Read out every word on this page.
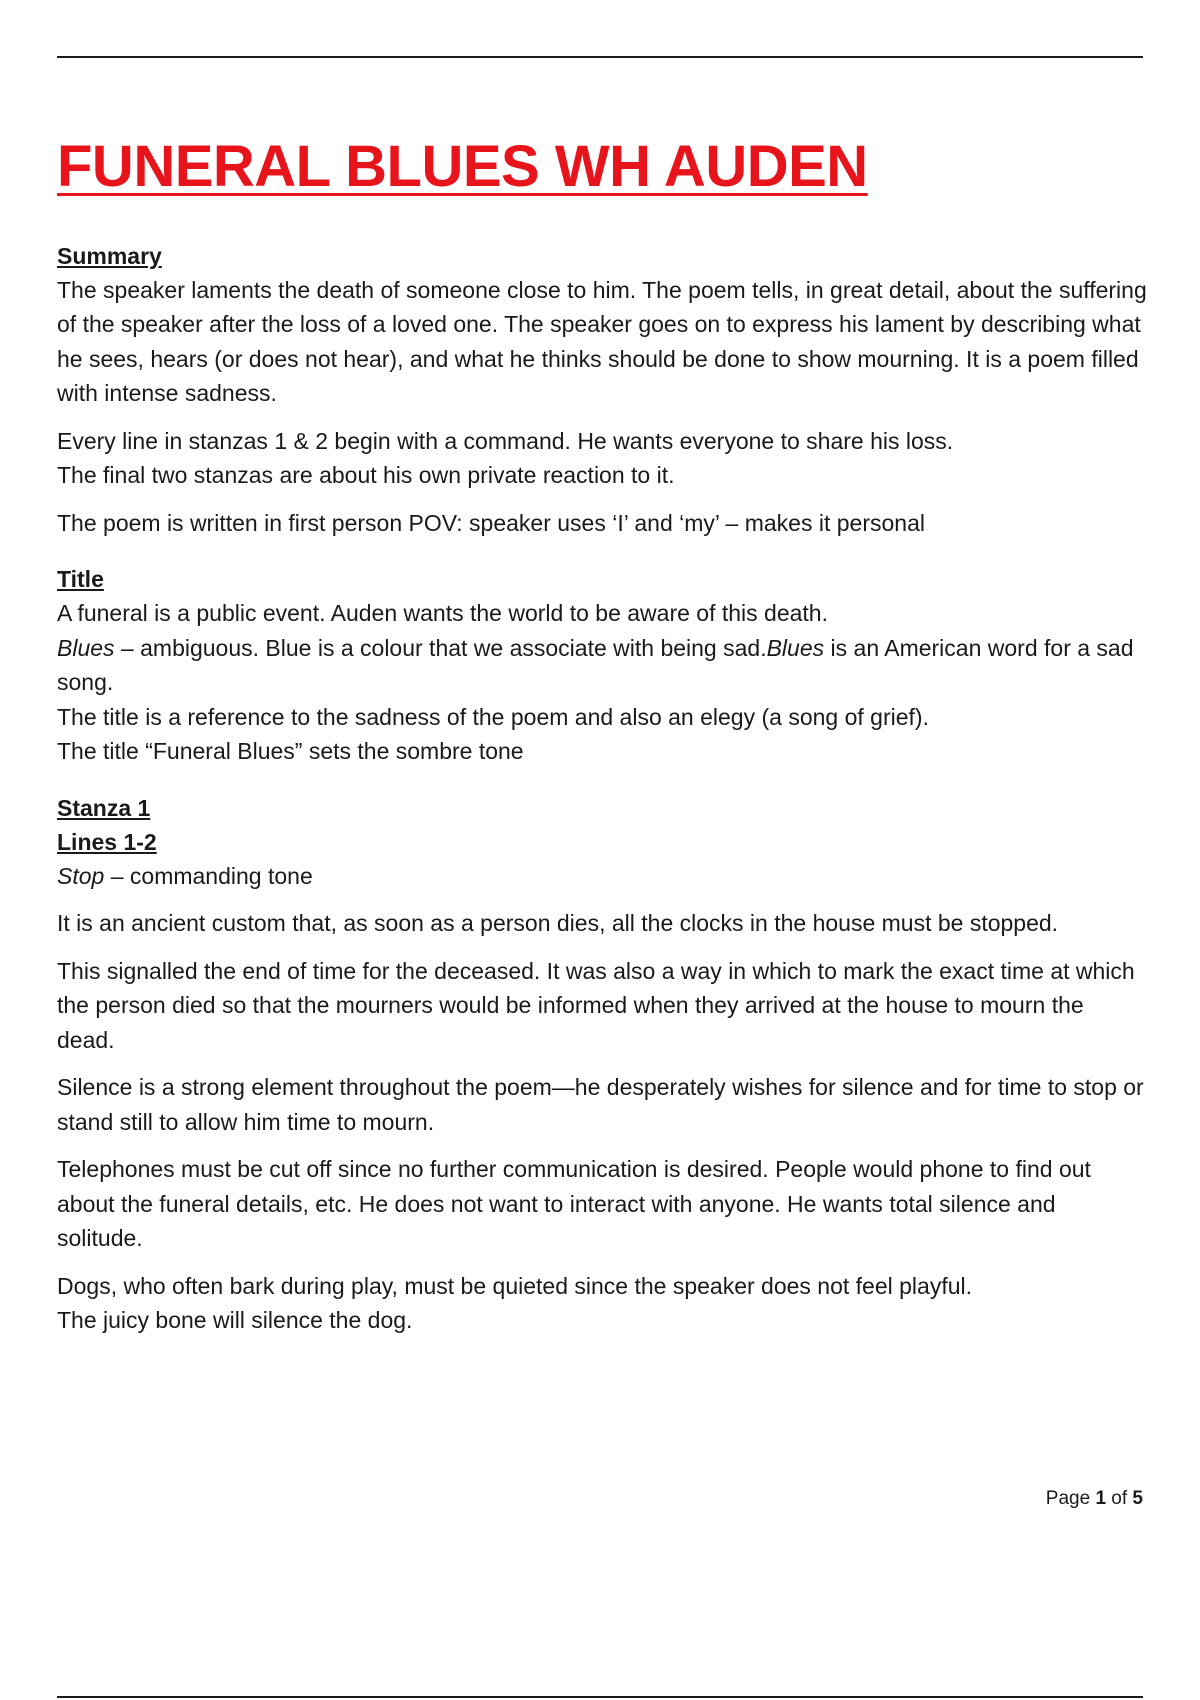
FUNERAL BLUES WH AUDEN

Summary

The speaker laments the death of someone close to him. The poem tells, in great detail, about the suffering of the speaker after the loss of a loved one. The speaker goes on to express his lament by describing what he sees, hears (or does not hear), and what he thinks should be done to show mourning. It is a poem filled with intense sadness.

Every line in stanzas 1 & 2 begin with a command. He wants everyone to share his loss.
The final two stanzas are about his own private reaction to it.

The poem is written in first person POV: speaker uses ‘I’ and ‘my’ – makes it personal

Title

A funeral is a public event. Auden wants the world to be aware of this death.

Blues – ambiguous. Blue is a colour that we associate with being sad.Blues is an American word for a sad song.

The title is a reference to the sadness of the poem and also an elegy (a song of grief).

The title “Funeral Blues” sets the sombre tone

Stanza 1

Lines 1-2

Stop – commanding tone

It is an ancient custom that, as soon as a person dies, all the clocks in the house must be stopped.

This signalled the end of time for the deceased. It was also a way in which to mark the exact time at which the person died so that the mourners would be informed when they arrived at the house to mourn the dead.

Silence is a strong element throughout the poem—he desperately wishes for silence and for time to stop or stand still to allow him time to mourn.

Telephones must be cut off since no further communication is desired. People would phone to find out about the funeral details, etc. He does not want to interact with anyone. He wants total silence and solitude.

Dogs, who often bark during play, must be quieted since the speaker does not feel playful.
The juicy bone will silence the dog.

Page 1 of 5
